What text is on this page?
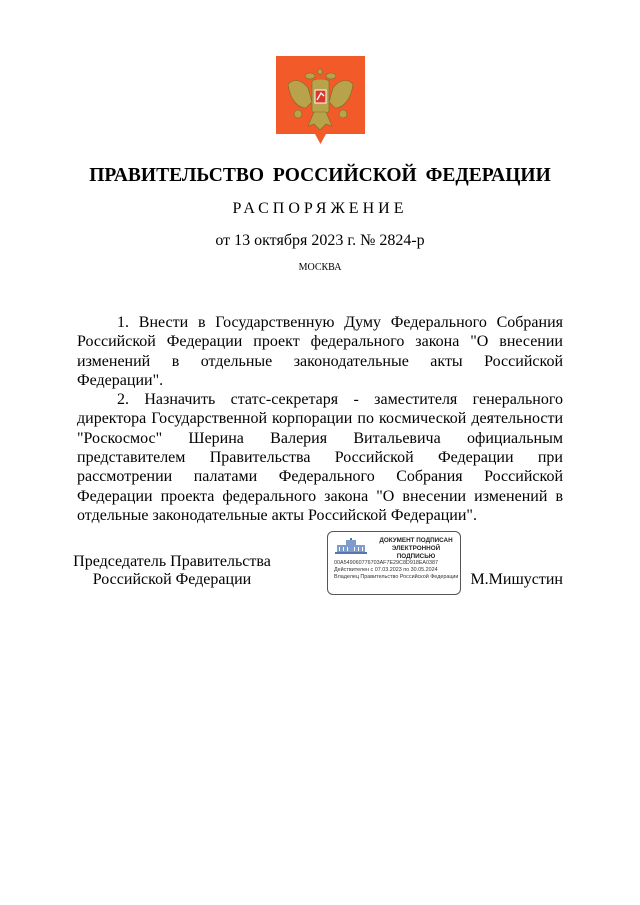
ПРАВИТЕЛЬСТВО РОССИЙСКОЙ ФЕДЕРАЦИИ
РАСПОРЯЖЕНИЕ
от 13 октября 2023 г. № 2824-р
МОСКВА

1. Внести в Государственную Думу Федерального Собрания Российской Федерации проект федерального закона "О внесении изменений в отдельные законодательные акты Российской Федерации".

2. Назначить статс-секретаря - заместителя генерального директора Государственной корпорации по космической деятельности "Роскосмос" Шерина Валерия Витальевича официальным представителем Правительства Российской Федерации при рассмотрении палатами Федерального Собрания Российской Федерации проекта федерального закона "О внесении изменений в отдельные законодательные акты Российской Федерации".

Председатель Правительства
Российской Федерации
ДОКУМЕНТ ПОДПИСАН
ЭЛЕКТРОННОЙ ПОДПИСЬЮ
00A549060776703AF7E29C8D918EA0387
Действителен с 07.03.2023 по 30.05.2024
Владелец Правительство Российской Федерации М.Мишустин
